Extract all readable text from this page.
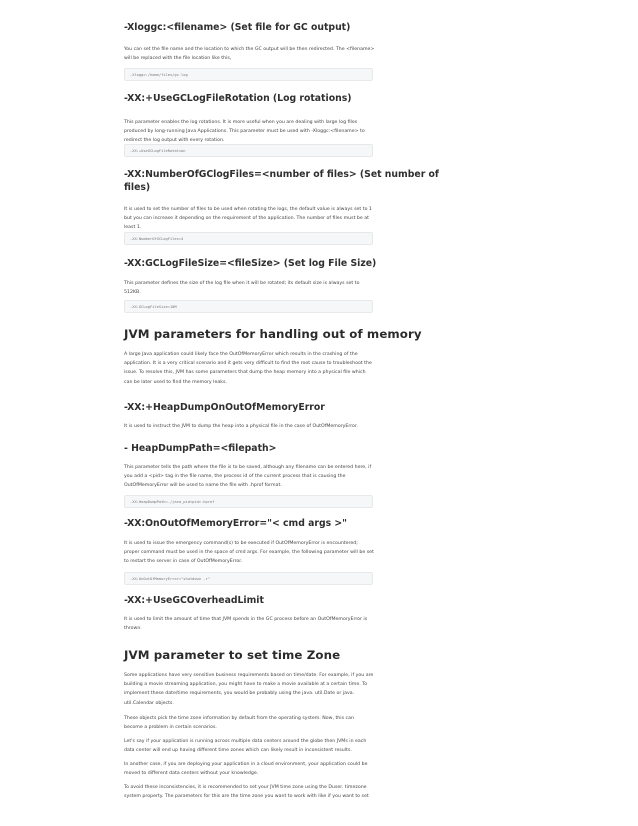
-Xloggc:<filename> (Set file for GC output)

You can set the file name and the location to which the GC output will be then redirected. The <filename>

will be replaced with the file location like this,

-Xloggc:/home/files/gc.log
-XX:+UseGCLogFileRotation (Log rotations)

This parameter enables the log rotations. It is more useful when you are dealing with large log files

produced by long-running Java Applications. This parameter must be used with -Xloggc:<filename> to

redirect the log output with every rotation.

-XX:+UseGCLogFileRotation
-XX:NumberOfGClogFiles=<number of files> (Set number of
files)

It is used to set the number of files to be used when rotating the logs, the default value is always set to 1

but you can increase it depending on the requirement of the application. The number of files must be at

least 1.

-XX:NumberOfGCLogFiles=4
-XX:GCLogFileSize=<fileSize> (Set log File Size)

This parameter defines the size of the log file when it will be rotated; its default size is always set to

512KB.

-XX:GCLogFileSize=10M
JVM parameters for handling out of memory

A large Java application could likely face the OutOfMemoryError which results in the crashing of the

application. It is a very critical scenario and it gets very difficult to find the root cause to troubleshoot the

issue. To resolve this, JVM has some parameters that dump the heap memory into a physical file which

can be later used to find the memory leaks.

-XX:+HeapDumpOnOutOfMemoryError

It is used to instruct the JVM to dump the heap into a physical file in the case of OutOfMemoryError.

- HeapDumpPath=<filepath>

This parameter tells the path where the file is to be saved, although any filename can be entered here, if

you add a <pid> tag in the file name, the process id of the current process that is causing the

OutOfMemoryError will be used to name the file with .hprof format.

-XX:HeapDumpPath=./java_pid<pid>.hprof
-XX:OnOutOfMemoryError="< cmd args >"

It is used to issue the emergency command(s) to be executed if OutOfMemoryError is encountered;

proper command must be used in the space of cmd args. For example, the following parameter will be set

to restart the server in case of OutOfMemoryError.

-XX:OnOutOfMemoryError="shutdown -r"
-XX:+UseGCOverheadLimit

It is used to limit the amount of time that JVM spends in the GC process before an OutOfMemoryError is

thrown.

JVM parameter to set time Zone

Some applications have very sensitive business requirements based on time/date. For example, if you are

building a movie streaming application, you might have to make a movie available at a certain time. To

implement these date/time requirements, you would be probably using the java. util.Date or java.

util.Calendar objects.

These objects pick the time zone information by default from the operating system. Now, this can

become a problem in certain scenarios.

Let's say if your application is running across multiple data centers around the globe then JVMs in each

data center will end up having different time zones which can likely result in inconsistent results.

In another case, if you are deploying your application in a cloud environment, your application could be

moved to different data centers without your knowledge.

To avoid these inconsistencies, it is recommended to set your JVM time zone using the Duser. timezone

system property. The parameters for this are the time zone you want to work with like if you want to set
